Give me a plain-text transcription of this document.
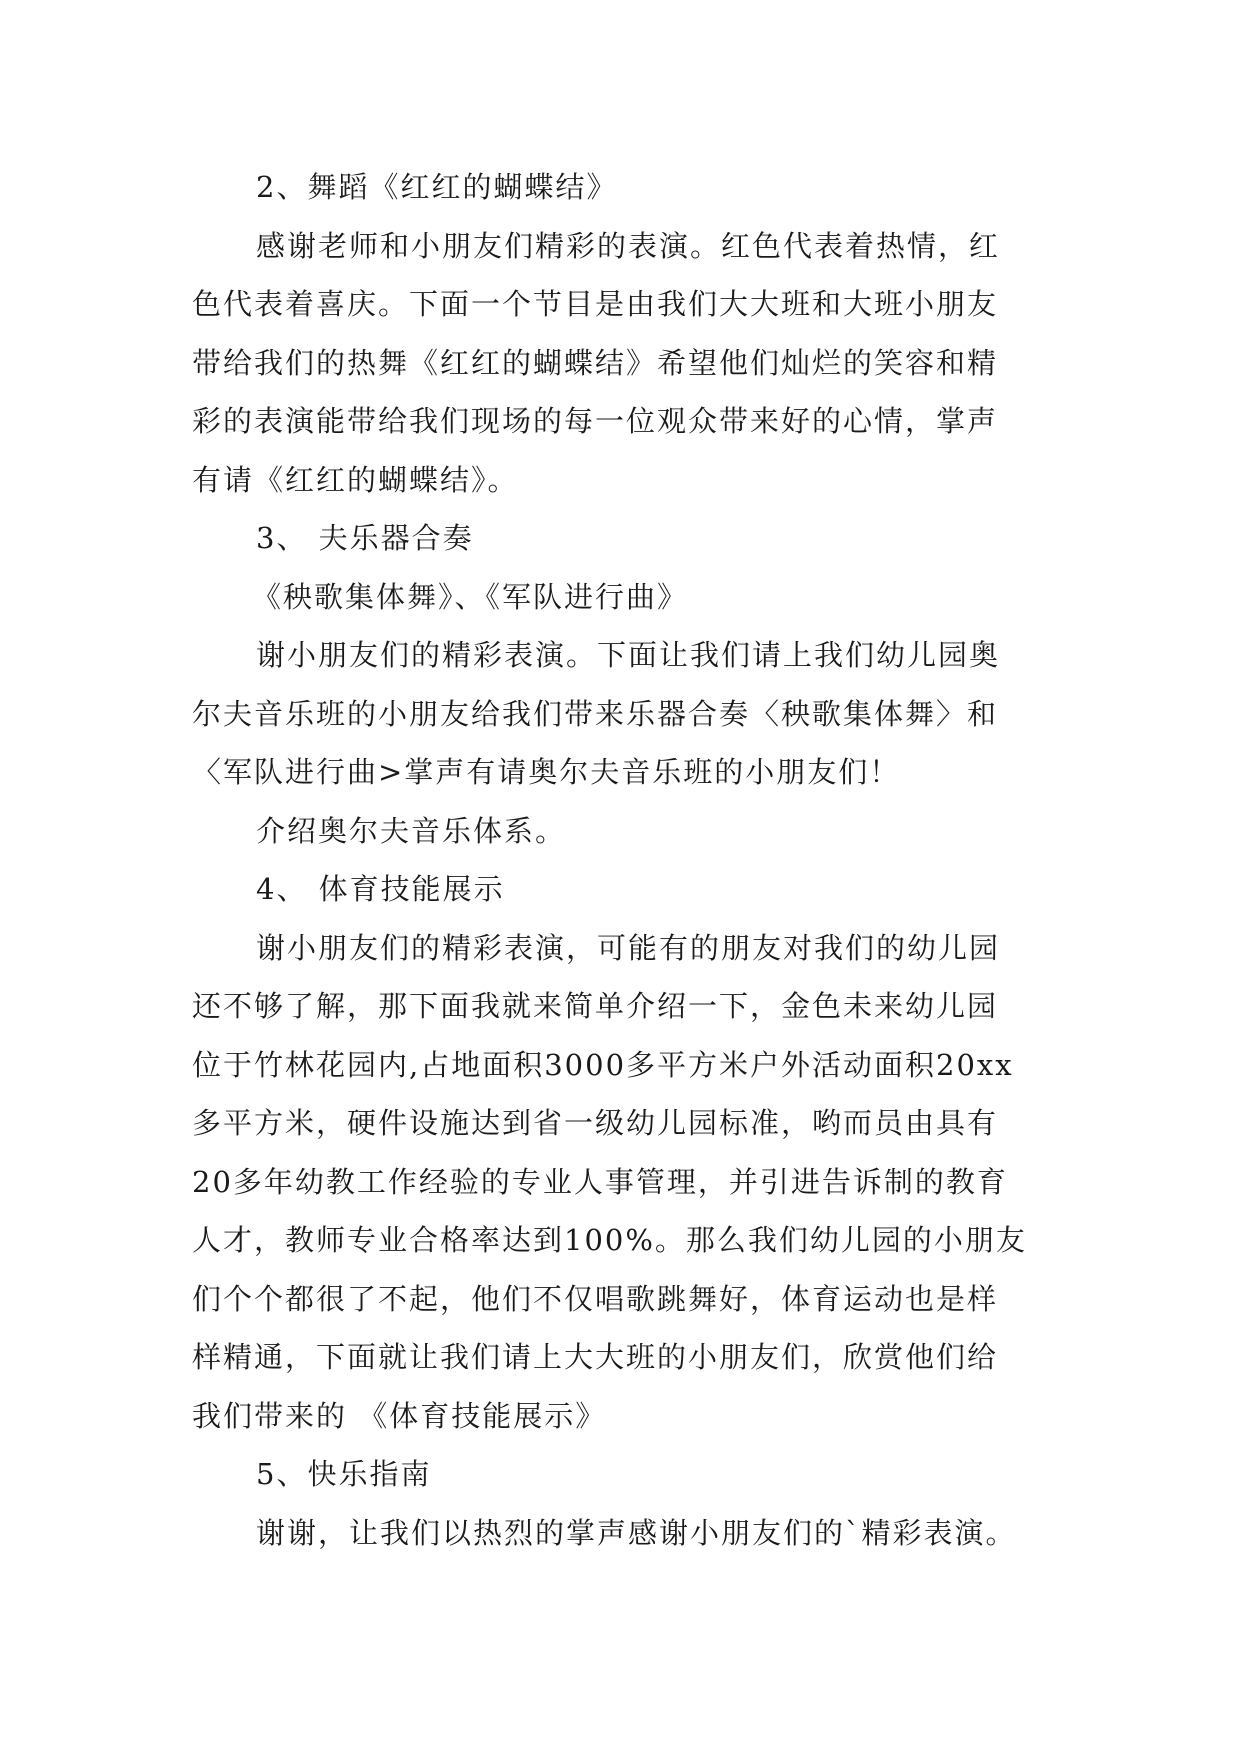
2、舞蹈《红红的蝴蝶结》
感谢老师和小朋友们精彩的表演。红色代表着热情，红
色代表着喜庆。下面一个节目是由我们大大班和大班小朋友
带给我们的热舞《红红的蝴蝶结》希望他们灿烂的笑容和精
彩的表演能带给我们现场的每一位观众带来好的心情，掌声
有请《红红的蝴蝶结》。
3、 夫乐器合奏
《秧歌集体舞》、《军队进行曲》
谢小朋友们的精彩表演。下面让我们请上我们幼儿园奥
尔夫音乐班的小朋友给我们带来乐器合奏〈秧歌集体舞〉和
〈军队进行曲>掌声有请奥尔夫音乐班的小朋友们！
介绍奥尔夫音乐体系。
4、 体育技能展示
谢小朋友们的精彩表演，可能有的朋友对我们的幼儿园
还不够了解，那下面我就来简单介绍一下，金色未来幼儿园
位于竹林花园内,占地面积3000多平方米户外活动面积20xx
多平方米，硬件设施达到省一级幼儿园标准，哟而员由具有
20多年幼教工作经验的专业人事管理，并引进告诉制的教育
人才，教师专业合格率达到100%。那么我们幼儿园的小朋友
们个个都很了不起，他们不仅唱歌跳舞好，体育运动也是样
样精通，下面就让我们请上大大班的小朋友们，欣赏他们给
我们带来的 《体育技能展示》
5、快乐指南
谢谢，让我们以热烈的掌声感谢小朋友们的`精彩表演。
